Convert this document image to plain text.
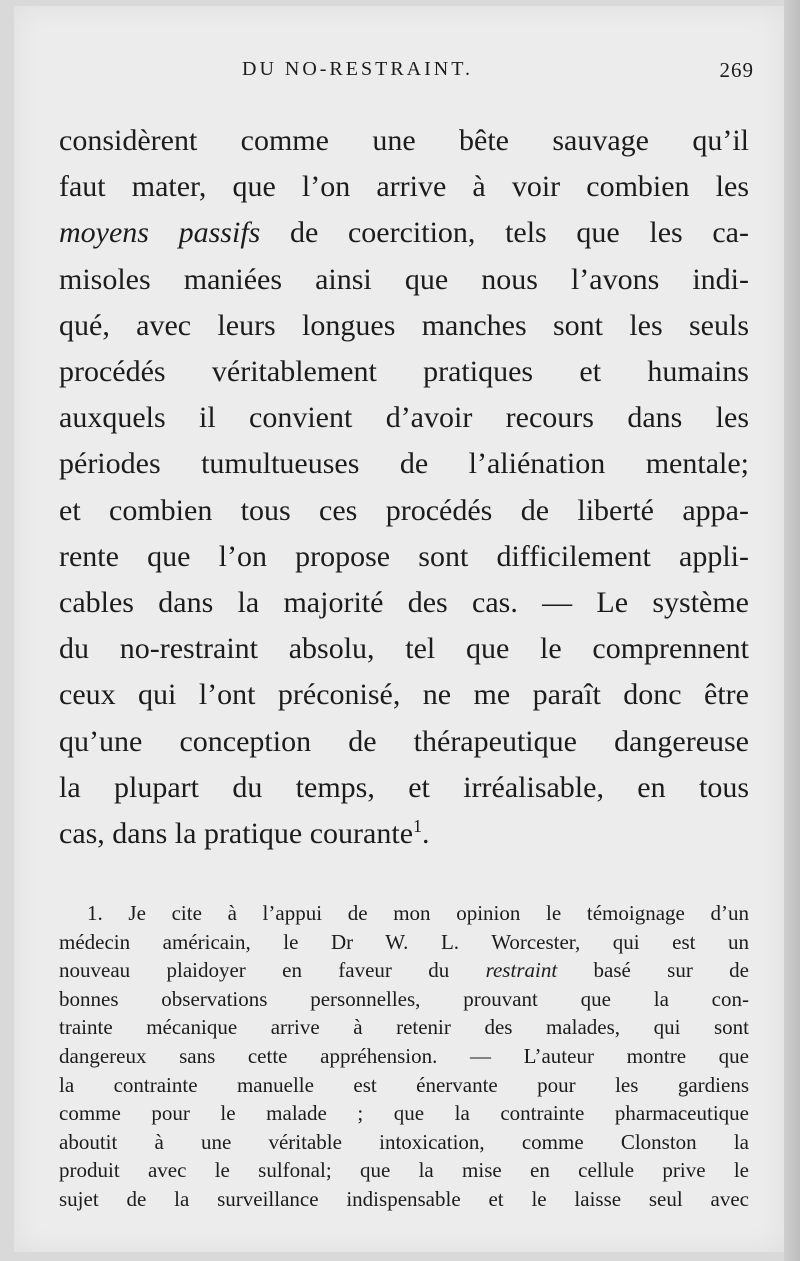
DU NO-RESTRAINT.	269
considèrent comme une bête sauvage qu’il
faut mater, que l’on arrive à voir combien les
moyens passifs de coercition, tels que les ca-
misoles maniées ainsi que nous l’avons indi-
qué, avec leurs longues manches sont les seuls
procédés véritablement pratiques et humains
auxquels il convient d’avoir recours dans les
périodes tumultueuses de l’aliénation mentale;
et combien tous ces procédés de liberté appa-
rente que l’on propose sont difficilement appli-
cables dans la majorité des cas. — Le système
du no-restraint absolu, tel que le comprennent
ceux qui l’ont préconisé, ne me paraît donc être
qu’une conception de thérapeutique dangereuse
la plupart du temps, et irréalisable, en tous
cas, dans la pratique courante$^1$.
1. Je cite à l’appui de mon opinion le témoignage d’un
médecin américain, le Dr W. L. Worcester, qui est un
nouveau plaidoyer en faveur du restraint basé sur de
bonnes observations personnelles, prouvant que la con-
trainte mécanique arrive à retenir des malades, qui sont
dangereux sans cette appréhension. — L’auteur montre que
la contrainte manuelle est énervante pour les gardiens
comme pour le malade ; que la contrainte pharmaceutique
aboutit à une véritable intoxication, comme Clonston la
produit avec le sulfonal; que la mise en cellule prive le
sujet de la surveillance indispensable et le laisse seul avec
